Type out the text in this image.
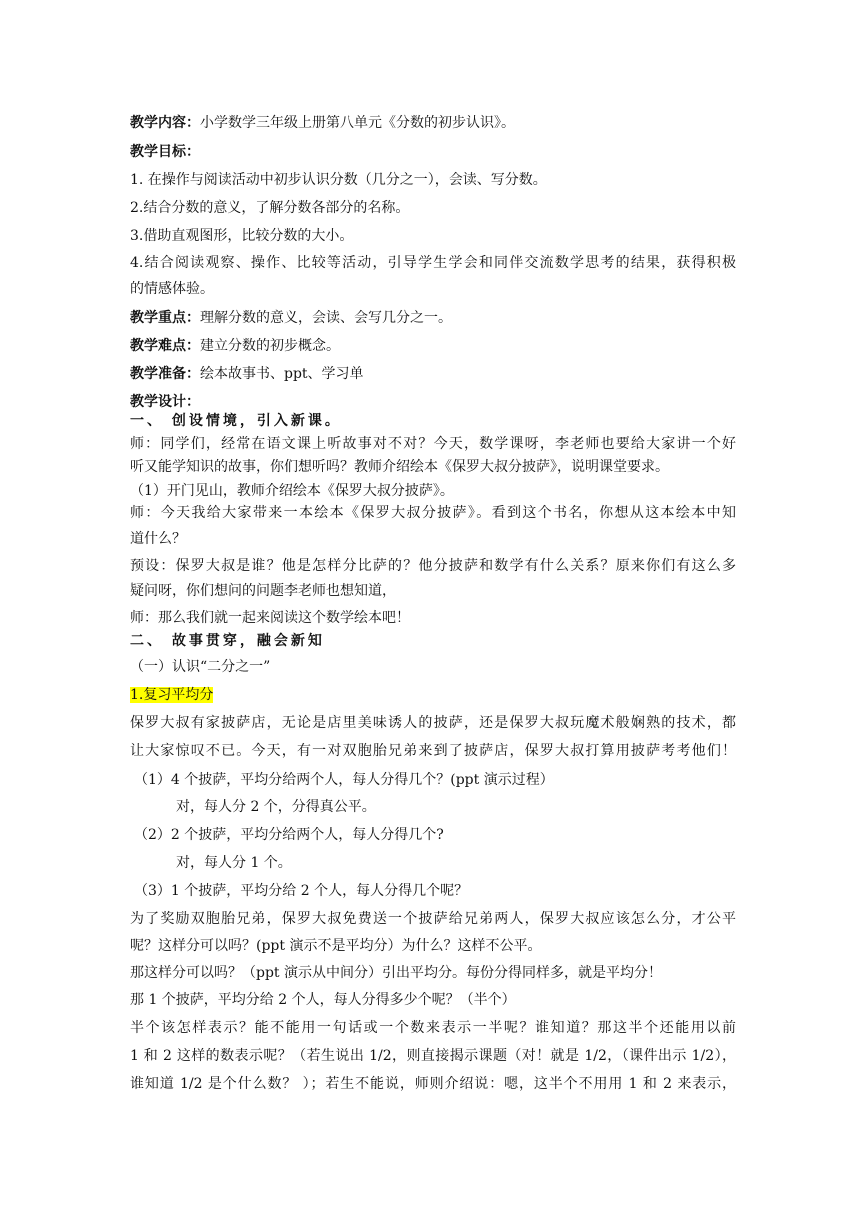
教学内容：小学数学三年级上册第八单元《分数的初步认识》。
教学目标：
1. 在操作与阅读活动中初步认识分数（几分之一），会读、写分数。
2.结合分数的意义，了解分数各部分的名称。
3.借助直观图形，比较分数的大小。
4.结合阅读观察、操作、比较等活动，引导学生学会和同伴交流数学思考的结果，获得积极
的情感体验。
教学重点：理解分数的意义，会读、会写几分之一。
教学难点：建立分数的初步概念。
教学准备：绘本故事书、ppt、学习单
教学设计：
一、 创设情境，引入新课。
师：同学们，经常在语文课上听故事对不对？今天，数学课呀，李老师也要给大家讲一个好
听又能学知识的故事，你们想听吗？教师介绍绘本《保罗大叔分披萨》，说明课堂要求。
（1）开门见山，教师介绍绘本《保罗大叔分披萨》。
师：今天我给大家带来一本绘本《保罗大叔分披萨》。看到这个书名，你想从这本绘本中知
道什么？
预设：保罗大叔是谁？他是怎样分比萨的？他分披萨和数学有什么关系？原来你们有这么多
疑问呀，你们想问的问题李老师也想知道，
师：那么我们就一起来阅读这个数学绘本吧！
二、 故事贯穿，融会新知
（一）认识“二分之一”
1.复习平均分
保罗大叔有家披萨店，无论是店里美味诱人的披萨，还是保罗大叔玩魔术般娴熟的技术，都
让大家惊叹不已。今天，有一对双胞胎兄弟来到了披萨店，保罗大叔打算用披萨考考他们！
（1）4 个披萨，平均分给两个人，每人分得几个？(ppt 演示过程）
对，每人分 2 个，分得真公平。
（2）2 个披萨，平均分给两个人，每人分得几个?
对，每人分 1 个。
（3）1 个披萨，平均分给 2 个人，每人分得几个呢？
为了奖励双胞胎兄弟，保罗大叔免费送一个披萨给兄弟两人，保罗大叔应该怎么分，才公平
呢？这样分可以吗？(ppt 演示不是平均分）为什么？这样不公平。
那这样分可以吗？（ppt 演示从中间分）引出平均分。每份分得同样多，就是平均分！
那 1 个披萨，平均分给 2 个人，每人分得多少个呢？（半个）
半个该怎样表示？能不能用一句话或一个数来表示一半呢？谁知道？那这半个还能用以前
1 和 2 这样的数表示呢？（若生说出 1/2，则直接揭示课题（对！就是 1/2，（课件出示 1/2），
谁知道 1/2 是个什么数？ ）；若生不能说，师则介绍说：嗯，这半个不用用 1 和 2 来表示，
